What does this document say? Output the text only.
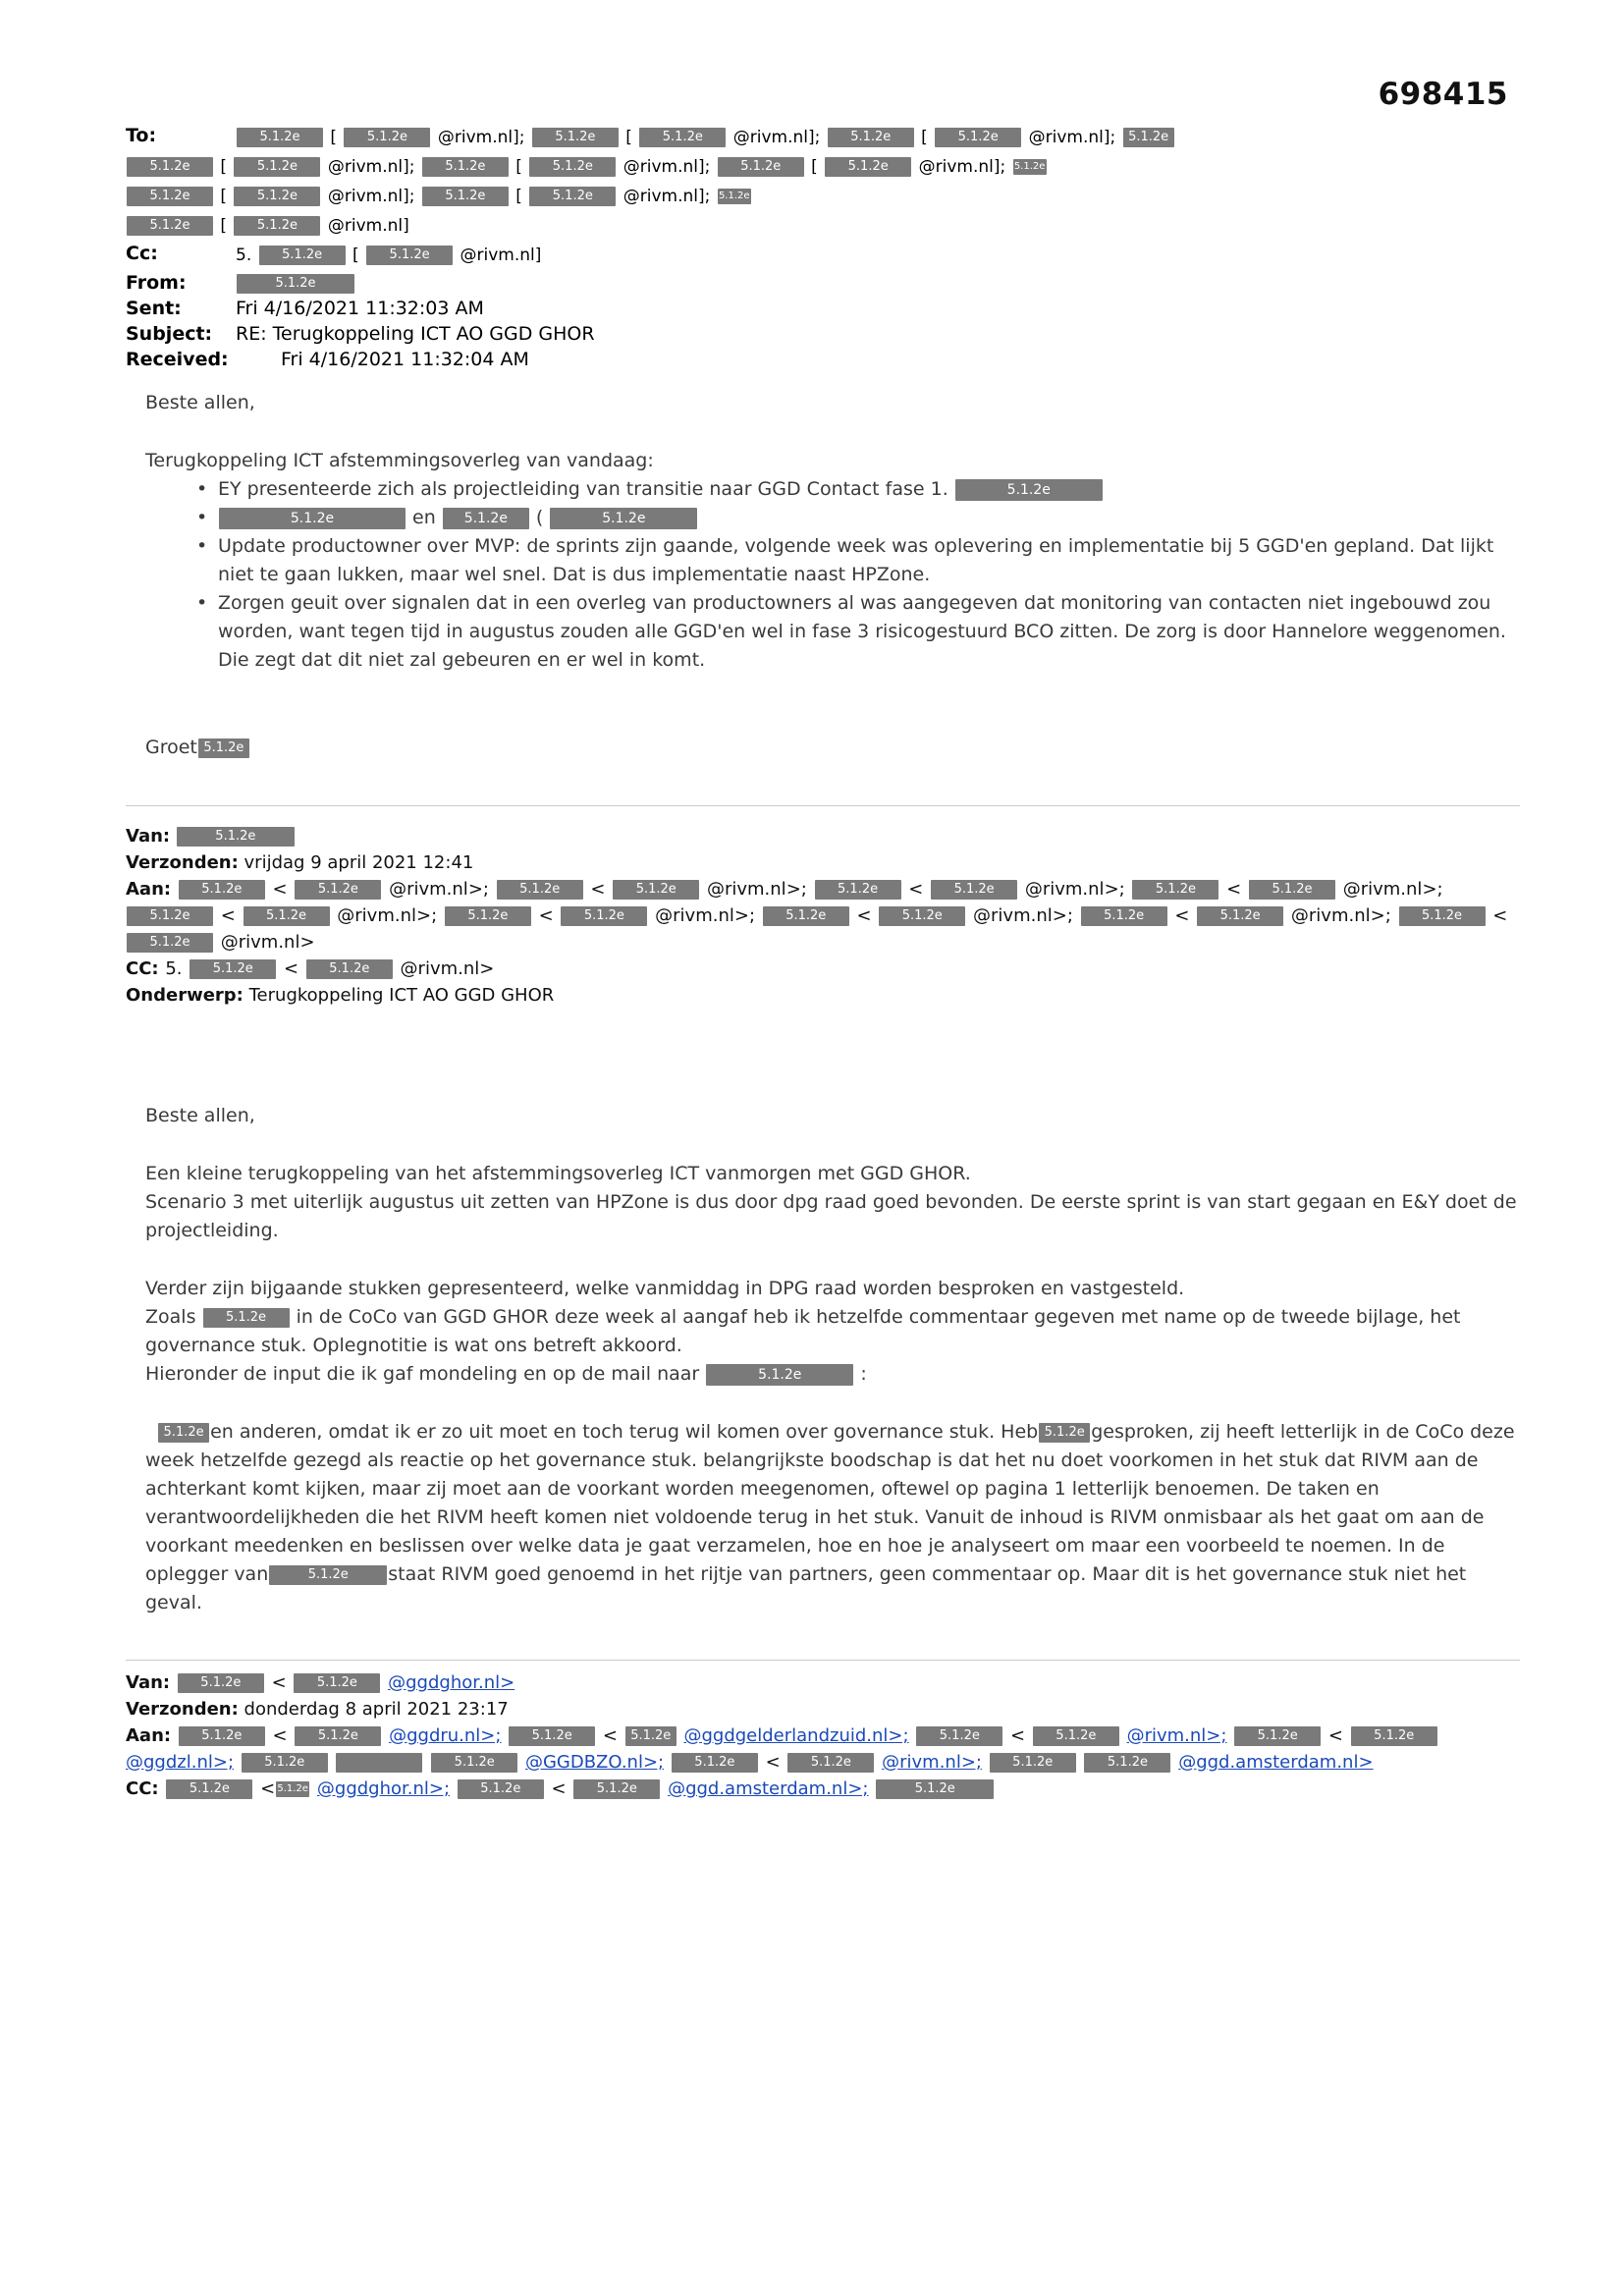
698415
To:	5.1.2e [ 5.1.2e @rivm.nl]; 5.1.2e [ 5.1.2e @rivm.nl]; 5.1.2e [ 5.1.2e @rivm.nl]; 5.1.2e

5.1.2e [ 5.1.2e @rivm.nl]; 5.1.2e [ 5.1.2e @rivm.nl]; 5.1.2e [ 5.1.2e @rivm.nl]; 5.1.2e

5.1.2e [ 5.1.2e @rivm.nl]; 5.1.2e [ 5.1.2e @rivm.nl]; 5.1.2e

5.1.2e [ 5.1.2e @rivm.nl]
Cc:	5. 5.1.2e [ 5.1.2e @rivm.nl]
From:	5.1.2e
Sent:	Fri 4/16/2021 11:32:03 AM
Subject:	RE: Terugkoppeling ICT AO GGD GHOR
Received:	Fri 4/16/2021 11:32:04 AM

Beste allen,

Terugkoppeling ICT afstemmingsoverleg van vandaag:

• EY presenteerde zich als projectleiding van transitie naar GGD Contact fase 1.	5.1.2e
• 5.1.2e	en 5.1.2e (	5.1.2e
• Update productowner over MVP: de sprints zijn gaande, volgende week was oplevering en implementatie bij 5 GGD'en gepland. Dat lijkt niet te gaan lukken, maar wel snel. Dat is dus implementatie naast HPZone.
• Zorgen geuit over signalen dat in een overleg van productowners al was aangegeven dat monitoring van contacten niet ingebouwd zou worden, want tegen tijd in augustus zouden alle GGD'en wel in fase 3 risicogestuurd BCO zitten. De zorg is door Hannelore weggenomen. Die zegt dat dit niet zal gebeuren en er wel in komt.

Groet 5.1.2e

Van:	5.1.2e
Verzonden: vrijdag 9 april 2021 12:41
Aan: 5.1.2e < 5.1.2e @rivm.nl>; 5.1.2e < 5.1.2e @rivm.nl>; 5.1.2e < 5.1.2e @rivm.nl>; 5.1.2e < 5.1.2e @rivm.nl>; 5.1.2e < 5.1.2e @rivm.nl>; 5.1.2e < 5.1.2e @rivm.nl>; 5.1.2e < 5.1.2e @rivm.nl>; 5.1.2e < 5.1.2e @rivm.nl>; 5.1.2e < 5.1.2e @rivm.nl>
CC: 5. 5.1.2e < 5.1.2e @rivm.nl>
Onderwerp: Terugkoppeling ICT AO GGD GHOR

Beste allen,

Een kleine terugkoppeling van het afstemmingsoverleg ICT vanmorgen met GGD GHOR.

Scenario 3 met uiterlijk augustus uit zetten van HPZone is dus door dpg raad goed bevonden. De eerste sprint is van start gegaan en E&Y doet de projectleiding.

Verder zijn bijgaande stukken gepresenteerd, welke vanmiddag in DPG raad worden besproken en vastgesteld.

Zoals 5.1.2e in de CoCo van GGD GHOR deze week al aangaf heb ik hetzelfde commentaar gegeven met name op de tweede bijlage, het governance stuk. Oplegnotitie is wat ons betreft akkoord.

Hieronder de input die ik gaf mondeling en op de mail naar	5.1.2e	:

5.1.2e en anderen, omdat ik er zo uit moet en toch terug wil komen over governance stuk. Heb 5.1.2e gesproken, zij heeft letterlijk in de CoCo deze week hetzelfde gezegd als reactie op het governance stuk. belangrijkste boodschap is dat het nu doet voorkomen in het stuk dat RIVM aan de achterkant komt kijken, maar zij moet aan de voorkant worden meegenomen, oftewel op pagina 1 letterlijk benoemen. De taken en verantwoordelijkheden die het RIVM heeft komen niet voldoende terug in het stuk. Vanuit de inhoud is RIVM onmisbaar als het gaat om aan de voorkant meedenken en beslissen over welke data je gaat verzamelen, hoe en hoe je analyseert om maar een voorbeeld te noemen. In de oplegger van	5.1.2e staat RIVM goed genoemd in het rijtje van partners, geen commentaar op. Maar dit is het governance stuk niet het geval.

Van: 5.1.2e < 5.1.2e @ggdghor.nl>
Verzonden: donderdag 8 april 2021 23:17
Aan: 5.1.2e < 5.1.2e @ggdru.nl>; 5.1.2e < 5.1.2e @ggdgelderlandzuid.nl>; 5.1.2e < 5.1.2e @rivm.nl>; 5.1.2e < 5.1.2e @ggdzl.nl>; 5.1.2e	5.1.2e @GGDBZO.nl>; 5.1.2e < 5.1.2e @rivm.nl>; 5.1.2e	5.1.2e @ggd.amsterdam.nl>
CC: 5.1.2e < 5.1.2e @ggdghor.nl>; 5.1.2e < 5.1.2e @ggd.amsterdam.nl>;	5.1.2e
